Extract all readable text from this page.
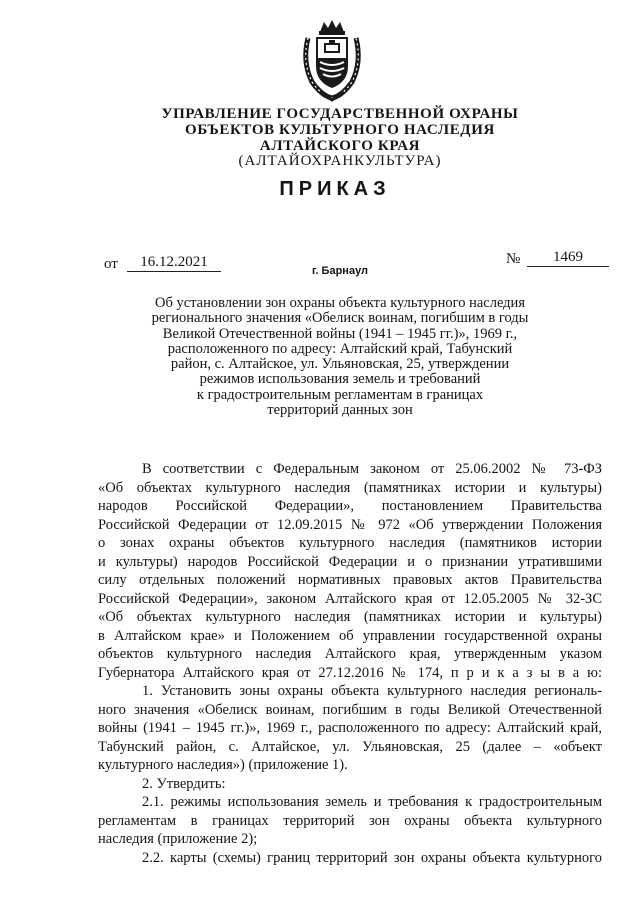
УПРАВЛЕНИЕ ГОСУДАРСТВЕННОЙ ОХРАНЫ
ОБЪЕКТОВ КУЛЬТУРНОГО НАСЛЕДИЯ
АЛТАЙСКОГО КРАЯ
(АЛТАЙОХРАНКУЛЬТУРА)
ПРИКАЗ
от	16.12.2021	№	1469
г. Барнаул
Об установлении зон охраны объекта культурного наследия
регионального значения «Обелиск воинам, погибшим в годы
Великой Отечественной войны (1941 – 1945 гг.)», 1969 г.,
расположенного по адресу: Алтайский край, Табунский
район, с. Алтайское, ул. Ульяновская, 25, утверждении
режимов использования земель и требований
к градостроительным регламентам в границах
территорий данных зон
В соответствии с Федеральным законом от 25.06.2002 № 73-ФЗ
«Об объектах культурного наследия (памятниках истории и культуры)
народов Российской Федерации», постановлением Правительства
Российской Федерации от 12.09.2015 № 972 «Об утверждении Положения
о зонах охраны объектов культурного наследия (памятников истории
и культуры) народов Российской Федерации и о признании утратившими
силу отдельных положений нормативных правовых актов Правительства
Российской Федерации», законом Алтайского края от 12.05.2005 № 32-ЗС
«Об объектах культурного наследия (памятниках истории и культуры)
в Алтайском крае» и Положением об управлении государственной охраны
объектов культурного наследия Алтайского края, утвержденным указом
Губернатора Алтайского края от 27.12.2016 № 174, п р и к а з ы в а ю:
1. Установить зоны охраны объекта культурного наследия региональ-
ного значения «Обелиск воинам, погибшим в годы Великой Отечественной
войны (1941 – 1945 гг.)», 1969 г., расположенного по адресу: Алтайский край,
Табунский район, с. Алтайское, ул. Ульяновская, 25 (далее – «объект
культурного наследия») (приложение 1).
2. Утвердить:
2.1. режимы использования земель и требования к градостроительным
регламентам в границах территорий зон охраны объекта культурного
наследия (приложение 2);
2.2. карты (схемы) границ территорий зон охраны объекта культурного
